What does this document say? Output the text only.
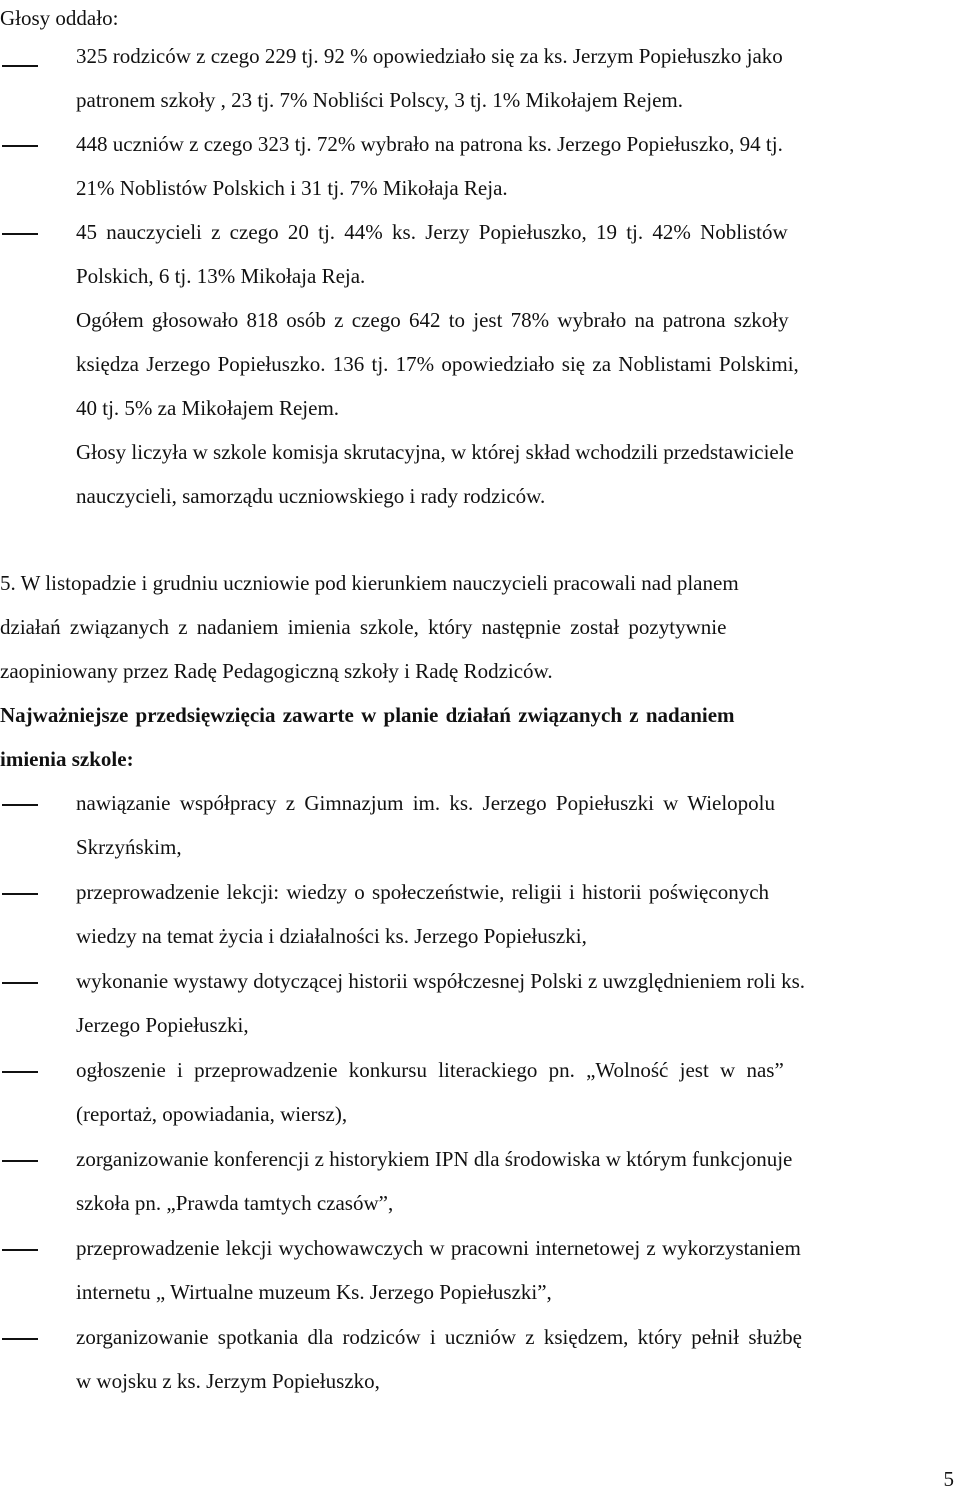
Głosy oddało:
325 rodziców z czego 229 tj. 92 % opowiedziało się za ks. Jerzym Popiełuszko jako
patronem szkoły , 23 tj. 7% Nobliści Polscy, 3 tj. 1% Mikołajem Rejem.
448 uczniów z czego 323 tj. 72% wybrało na patrona ks. Jerzego Popiełuszko, 94 tj.
21% Noblistów Polskich i 31 tj. 7% Mikołaja Reja.
45 nauczycieli z czego 20 tj. 44% ks. Jerzy Popiełuszko, 19 tj. 42% Noblistów
Polskich, 6 tj. 13% Mikołaja Reja.
Ogółem głosowało 818 osób z czego 642 to jest 78% wybrało na patrona szkoły
księdza Jerzego Popiełuszko. 136 tj. 17% opowiedziało się za Noblistami Polskimi,
40 tj. 5% za Mikołajem Rejem.
Głosy liczyła w szkole komisja skrutacyjna, w której skład wchodzili przedstawiciele
nauczycieli, samorządu uczniowskiego i rady rodziców.
5. W listopadzie i grudniu uczniowie pod kierunkiem nauczycieli pracowali nad planem
działań związanych z nadaniem imienia szkole, który następnie został pozytywnie
zaopiniowany przez Radę Pedagogiczną szkoły i Radę Rodziców.
Najważniejsze przedsięwzięcia zawarte w planie działań związanych z nadaniem
imienia szkole:
nawiązanie współpracy z Gimnazjum im. ks. Jerzego Popiełuszki w Wielopolu
Skrzyńskim,
przeprowadzenie lekcji: wiedzy o społeczeństwie, religii i historii poświęconych
wiedzy na temat życia i działalności ks. Jerzego Popiełuszki,
wykonanie wystawy dotyczącej historii współczesnej Polski z uwzględnieniem roli ks.
Jerzego Popiełuszki,
ogłoszenie i przeprowadzenie konkursu literackiego pn. „Wolność jest w nas”
(reportaż, opowiadania, wiersz),
zorganizowanie konferencji z historykiem IPN dla środowiska w którym funkcjonuje
szkoła pn. „Prawda tamtych czasów”,
przeprowadzenie lekcji wychowawczych w pracowni internetowej z wykorzystaniem
internetu „ Wirtualne muzeum Ks. Jerzego Popiełuszki”,
zorganizowanie spotkania dla rodziców i uczniów z księdzem, który pełnił służbę
w wojsku z ks. Jerzym Popiełuszko,
5
